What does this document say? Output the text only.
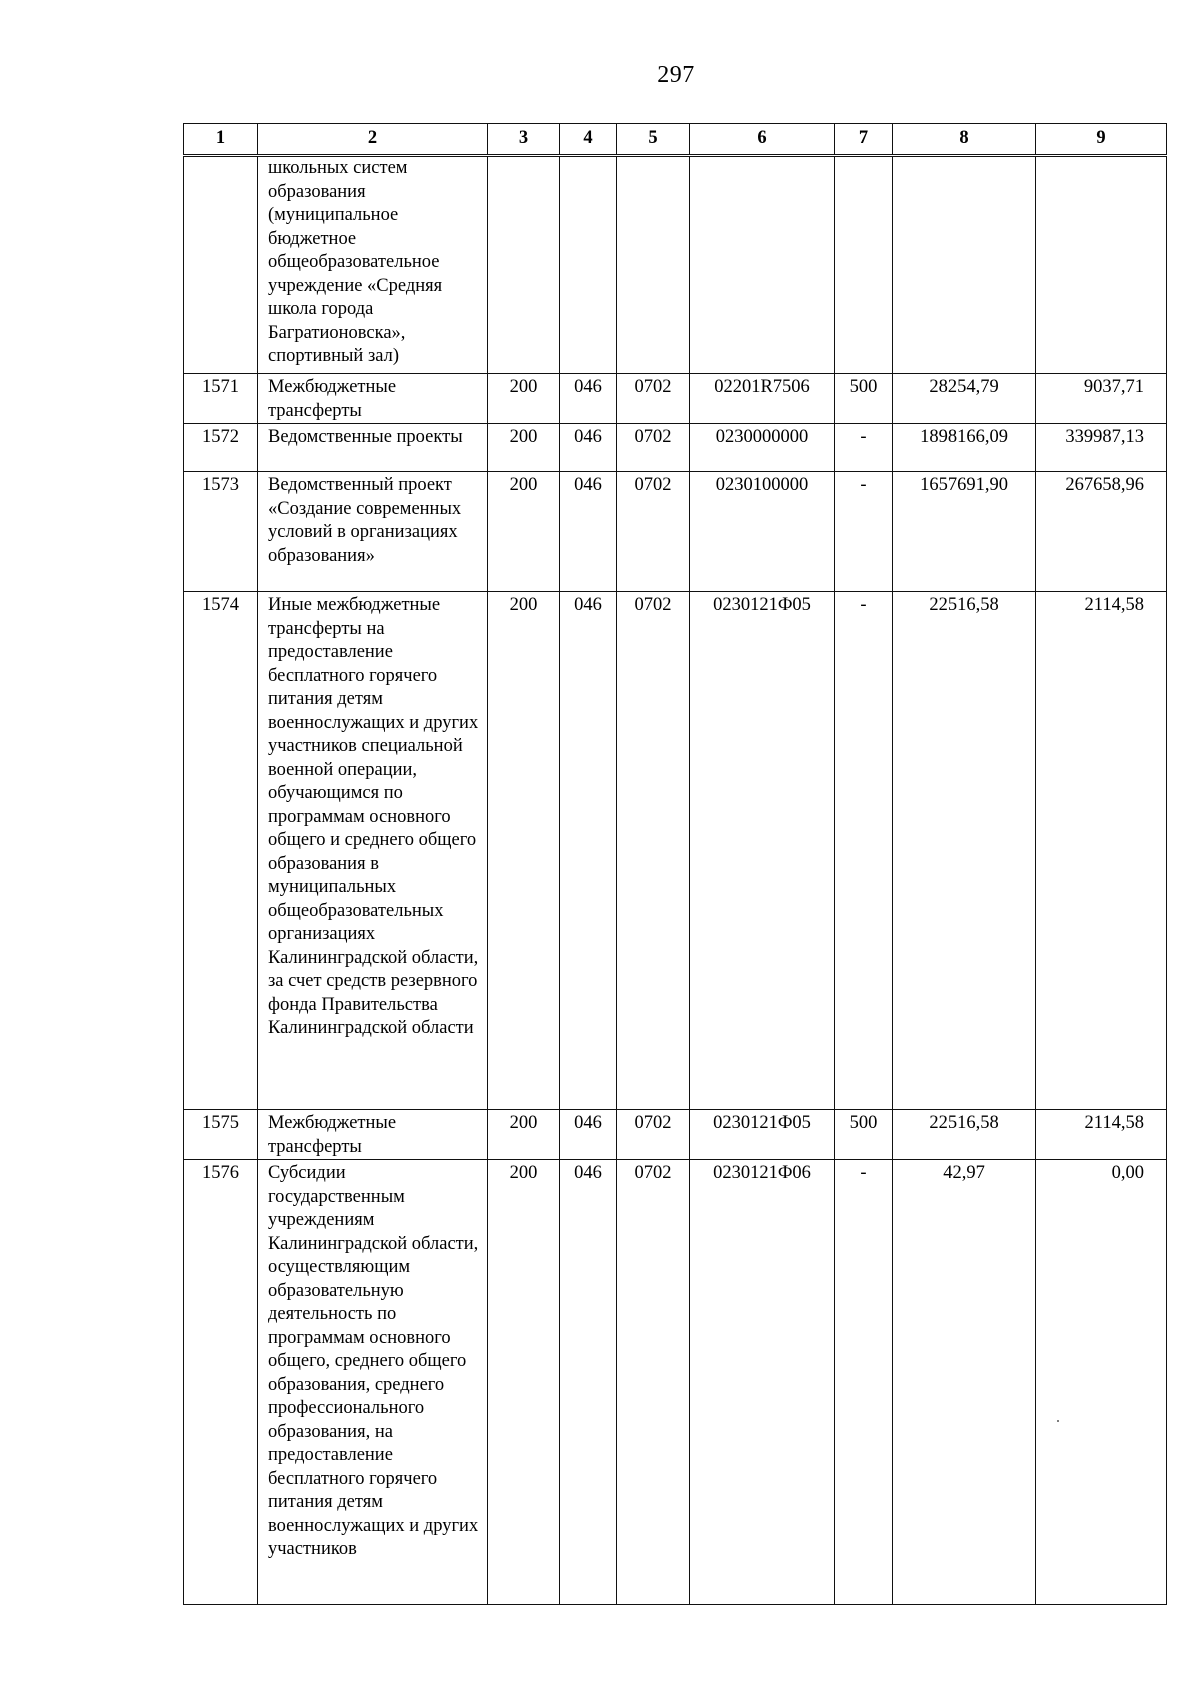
297
1	2	3	4	5	6	7	8	9
	школьных систем образования (муниципальное бюджетное общеобразовательное учреждение «Средняя школа города Багратионовска», спортивный зал)							
1571	Межбюджетные трансферты	200	046	0702	02201R7506	500	28254,79	9037,71
1572	Ведомственные проекты	200	046	0702	0230000000	-	1898166,09	339987,13
1573	Ведомственный проект «Создание современных условий в организациях образования»	200	046	0702	0230100000	-	1657691,90	267658,96
1574	Иные межбюджетные трансферты на предоставление бесплатного горячего питания детям военнослужащих и других участников специальной военной операции, обучающимся по программам основного общего и среднего общего образования в муниципальных общеобразовательных организациях Калининградской области, за счет средств резервного фонда Правительства Калининградской области	200	046	0702	0230121Ф05	-	22516,58	2114,58
1575	Межбюджетные трансферты	200	046	0702	0230121Ф05	500	22516,58	2114,58
1576	Субсидии государственным учреждениям Калининградской области, осуществляющим образовательную деятельность по программам основного общего, среднего общего образования, среднего профессионального образования, на предоставление бесплатного горячего питания детям военнослужащих и других участников	200	046	0702	0230121Ф06	-	42,97	0,00
